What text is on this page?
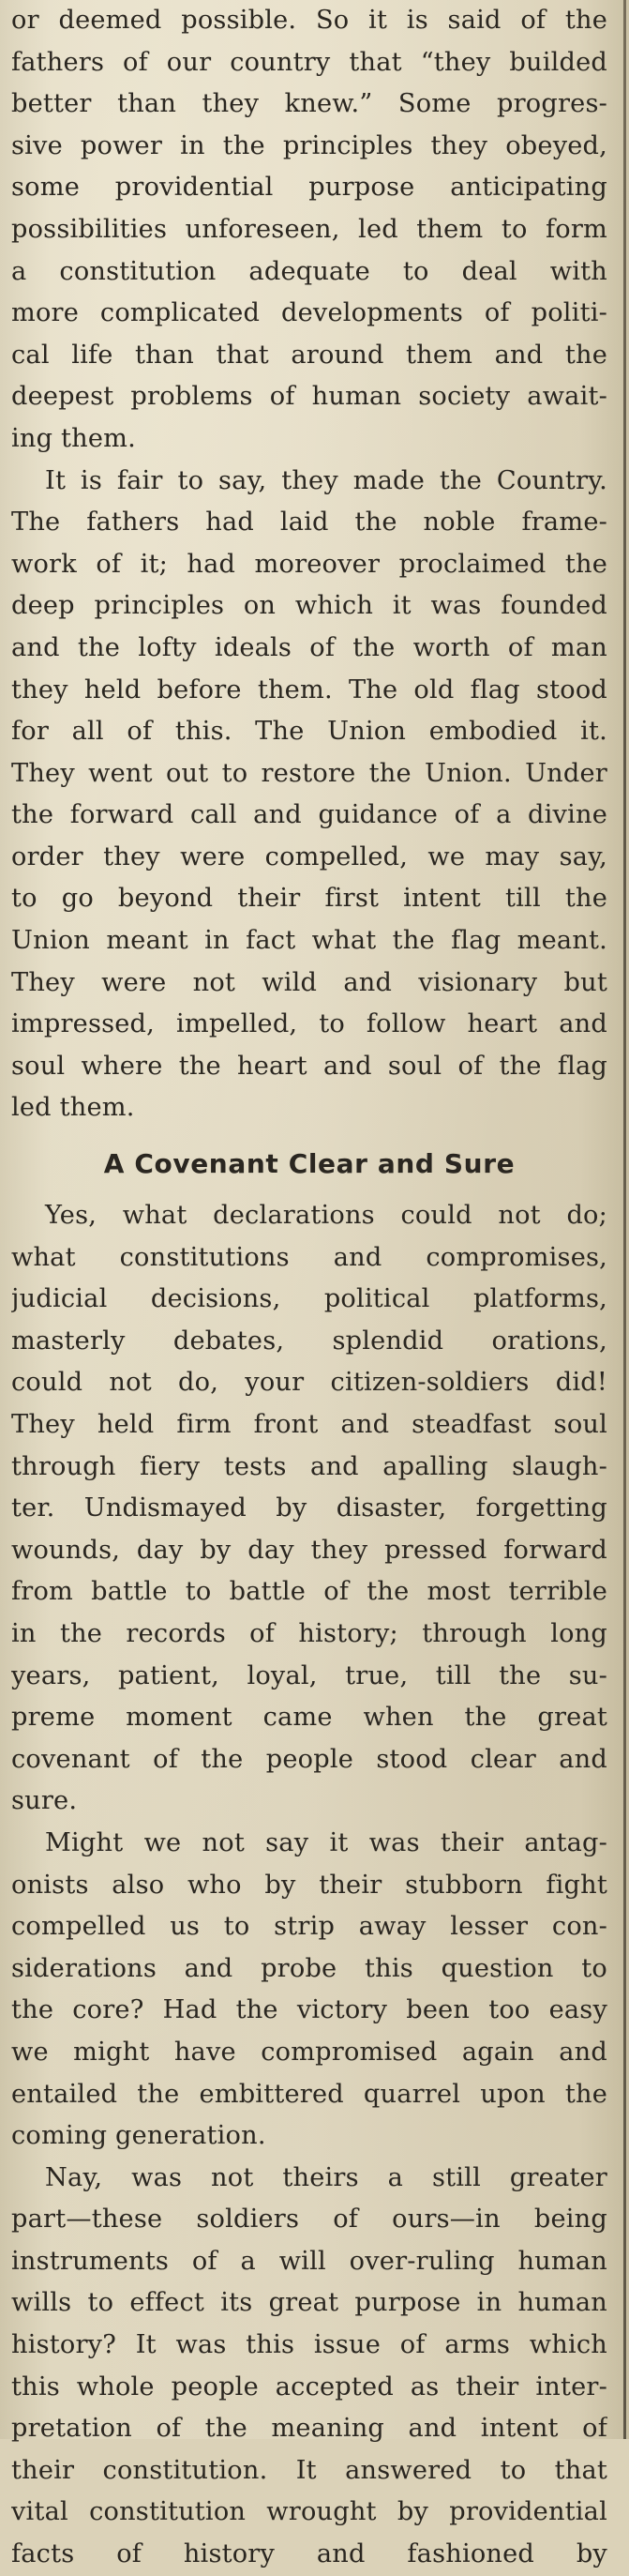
or deemed possible. So it is said of the
fathers of our country that “they builded
better than they knew.” Some progres-
sive power in the principles they obeyed,
some providential purpose anticipating
possibilities unforeseen, led them to form
a constitution adequate to deal with
more complicated developments of politi-
cal life than that around them and the
deepest problems of human society await-
ing them.
It is fair to say, they made the Country.
The fathers had laid the noble frame-
work of it; had moreover proclaimed the
deep principles on which it was founded
and the lofty ideals of the worth of man
they held before them. The old flag stood
for all of this. The Union embodied it.
They went out to restore the Union. Under
the forward call and guidance of a divine
order they were compelled, we may say,
to go beyond their first intent till the
Union meant in fact what the flag meant.
They were not wild and visionary but
impressed, impelled, to follow heart and
soul where the heart and soul of the flag
led them.
A Covenant Clear and Sure
Yes, what declarations could not do;
what constitutions and compromises,
judicial decisions, political platforms,
masterly debates, splendid orations,
could not do, your citizen-soldiers did!
They held firm front and steadfast soul
through fiery tests and apalling slaugh-
ter. Undismayed by disaster, forgetting
wounds, day by day they pressed forward
from battle to battle of the most terrible
in the records of history; through long
years, patient, loyal, true, till the su-
preme moment came when the great
covenant of the people stood clear and
sure.
Might we not say it was their antag-
onists also who by their stubborn fight
compelled us to strip away lesser con-
siderations and probe this question to
the core? Had the victory been too easy
we might have compromised again and
entailed the embittered quarrel upon the
coming generation.
Nay, was not theirs a still greater
part—these soldiers of ours—in being
instruments of a will over-ruling human
wills to effect its great purpose in human
history? It was this issue of arms which
this whole people accepted as their inter-
pretation of the meaning and intent of
their constitution. It answered to that
vital constitution wrought by providential
facts of history and fashioned by
